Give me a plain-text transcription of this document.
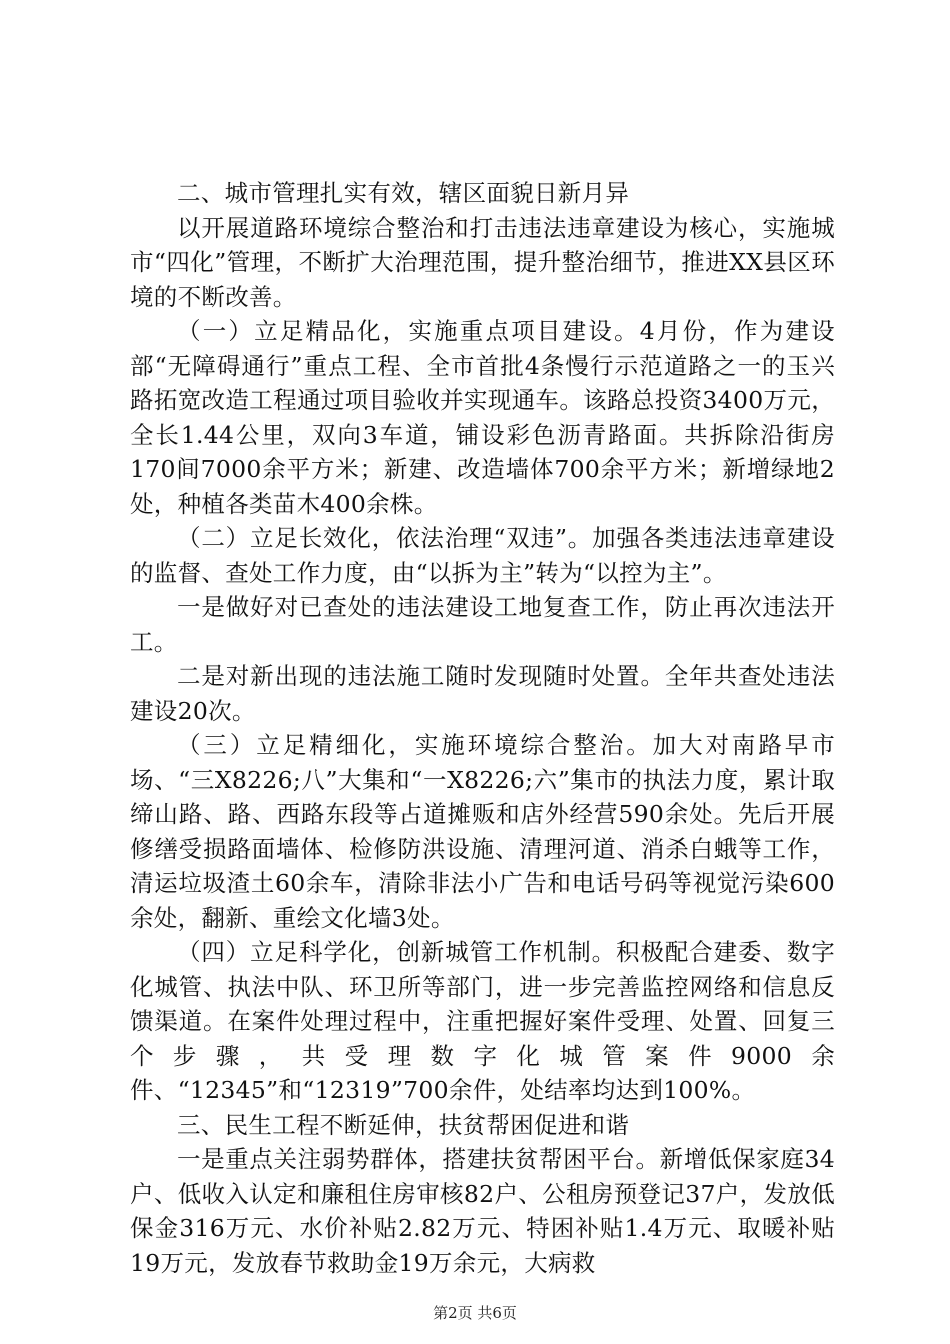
二、城市管理扎实有效，辖区面貌日新月异

以开展道路环境综合整治和打击违法违章建设为核心，实施城市“四化”管理，不断扩大治理范围，提升整治细节，推进XX县区环境的不断改善。

（一）立足精品化，实施重点项目建设。4月份，作为建设部“无障碍通行”重点工程、全市首批4条慢行示范道路之一的玉兴路拓宽改造工程通过项目验收并实现通车。该路总投资3400万元，全长1.44公里，双向3车道，铺设彩色沥青路面。共拆除沿街房170间7000余平方米；新建、改造墙体700余平方米；新增绿地2处，种植各类苗木400余株。

（二）立足长效化，依法治理“双违”。加强各类违法违章建设的监督、查处工作力度，由“以拆为主”转为“以控为主”。

一是做好对已查处的违法建设工地复查工作，防止再次违法开工。

二是对新出现的违法施工随时发现随时处置。全年共查处违法建设20次。

（三）立足精细化，实施环境综合整治。加大对南路早市场、“三X8226;八”大集和“一X8226;六”集市的执法力度，累计取缔山路、路、西路东段等占道摊贩和店外经营590余处。先后开展修缮受损路面墙体、检修防洪设施、清理河道、消杀白蛾等工作，清运垃圾渣土60余车，清除非法小广告和电话号码等视觉污染600余处，翻新、重绘文化墙3处。

（四）立足科学化，创新城管工作机制。积极配合建委、数字化城管、执法中队、环卫所等部门，进一步完善监控网络和信息反馈渠道。在案件处理过程中，注重把握好案件受理、处置、回复三个步骤，共受理数字化城管案件9000余件、“12345”和“12319”700余件，处结率均达到100%。

三、民生工程不断延伸，扶贫帮困促进和谐

一是重点关注弱势群体，搭建扶贫帮困平台。新增低保家庭34户、低收入认定和廉租住房审核82户、公租房预登记37户，发放低保金316万元、水价补贴2.82万元、特困补贴1.4万元、取暖补贴19万元，发放春节救助金19万余元，大病救

第2页 共6页
